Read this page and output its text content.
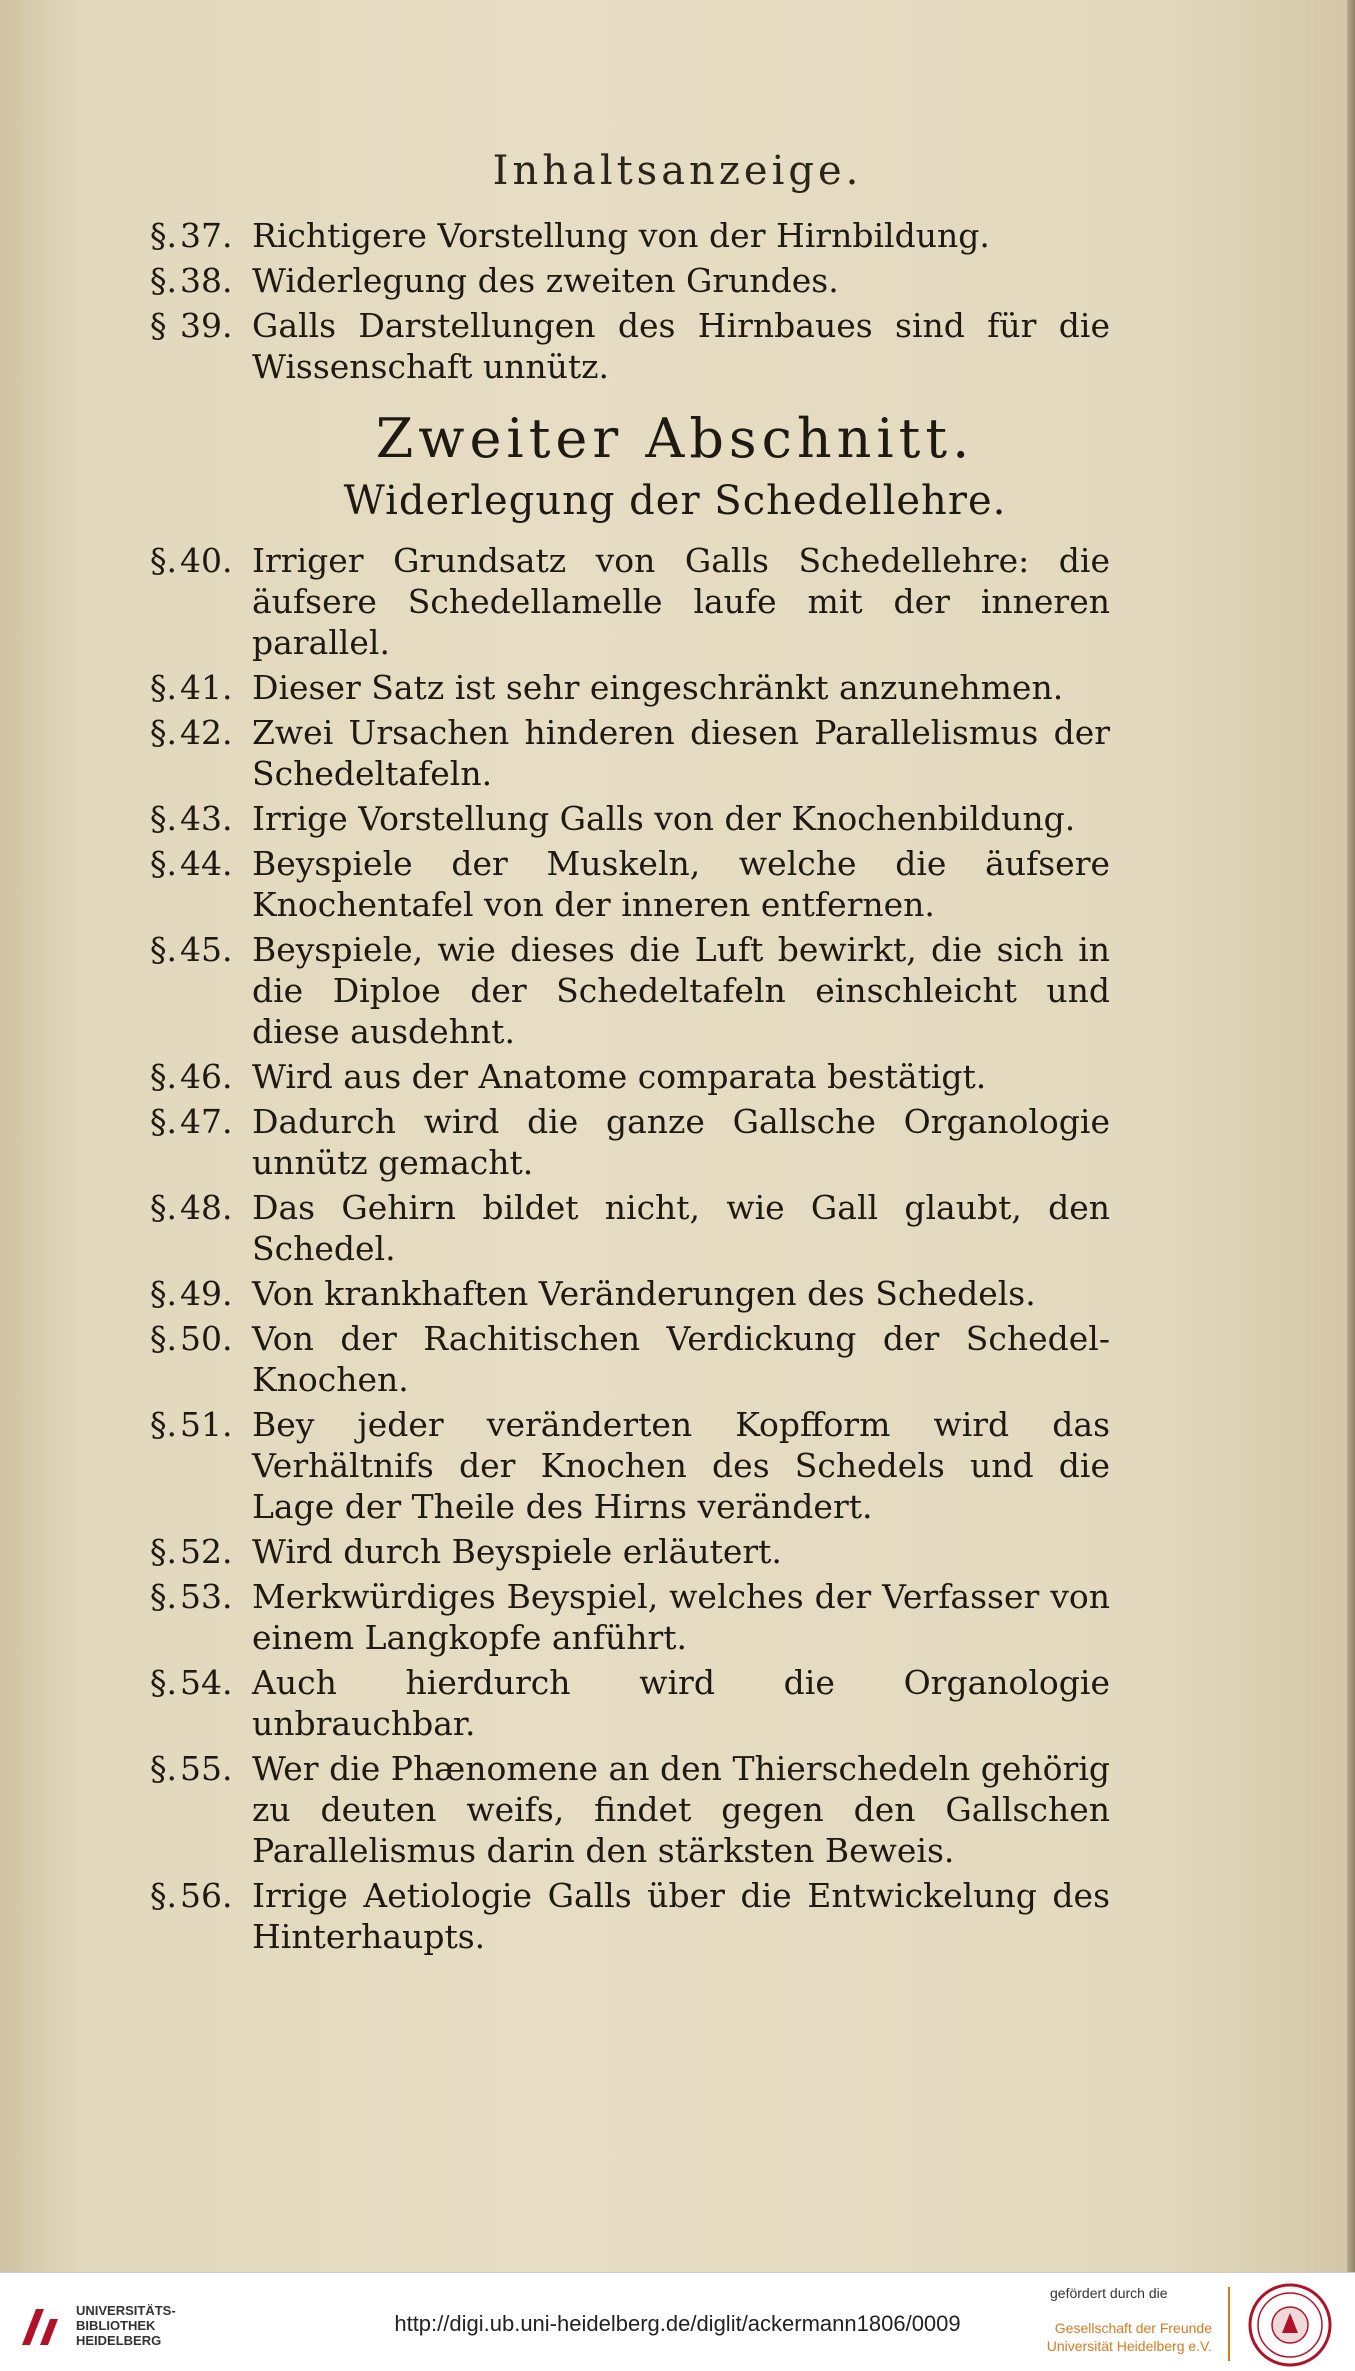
Inhaltsanzeige.
§. 37. Richtigere Vorstellung von der Hirnbildung.
§. 38. Widerlegung des zweiten Grundes.
§ 39. Galls Darstellungen des Hirnbaues sind für die Wissenschaft unnütz.
Zweiter Abschnitt.
Widerlegung der Schedellehre.
§. 40. Irriger Grundsatz von Galls Schedellehre: die äufsere Schedellamelle laufe mit der inneren parallel.
§. 41. Dieser Satz ist sehr eingeschränkt anzunehmen.
§. 42. Zwei Ursachen hinderen diesen Parallelismus der Schedeltafeln.
§. 43. Irrige Vorstellung Galls von der Knochenbildung.
§. 44. Beyspiele der Muskeln, welche die äufsere Knochentafel von der inneren entfernen.
§. 45. Beyspiele, wie dieses die Luft bewirkt, die sich in die Diploe der Schedeltafeln einschleicht und diese ausdehnt.
§. 46. Wird aus der Anatome comparata bestätigt.
§. 47. Dadurch wird die ganze Gallsche Organologie unnütz gemacht.
§. 48. Das Gehirn bildet nicht, wie Gall glaubt, den Schedel.
§. 49. Von krankhaften Veränderungen des Schedels.
§. 50. Von der Rachitischen Verdickung der Schedel-Knochen.
§. 51. Bey jeder veränderten Kopfform wird das Verhältnifs der Knochen des Schedels und die Lage der Theile des Hirns verändert.
§. 52. Wird durch Beyspiele erläutert.
§. 53. Merkwürdiges Beyspiel, welches der Verfasser von einem Langkopfe anführt.
§. 54. Auch hierdurch wird die Organologie unbrauchbar.
§. 55. Wer die Phænomene an den Thierschedeln gehörig zu deuten weifs, findet gegen den Gallschen Parallelismus darin den stärksten Beweis.
§. 56. Irrige Aetiologie Galls über die Entwickelung des Hinterhaupts.
UNIVERSITÄTS-
BIBLIOTHEK
HEIDELBERG
http://digi.ub.uni-heidelberg.de/diglit/ackermann1806/0009
gefördert durch die
Gesellschaft der Freunde
Universität Heidelberg e.V.
